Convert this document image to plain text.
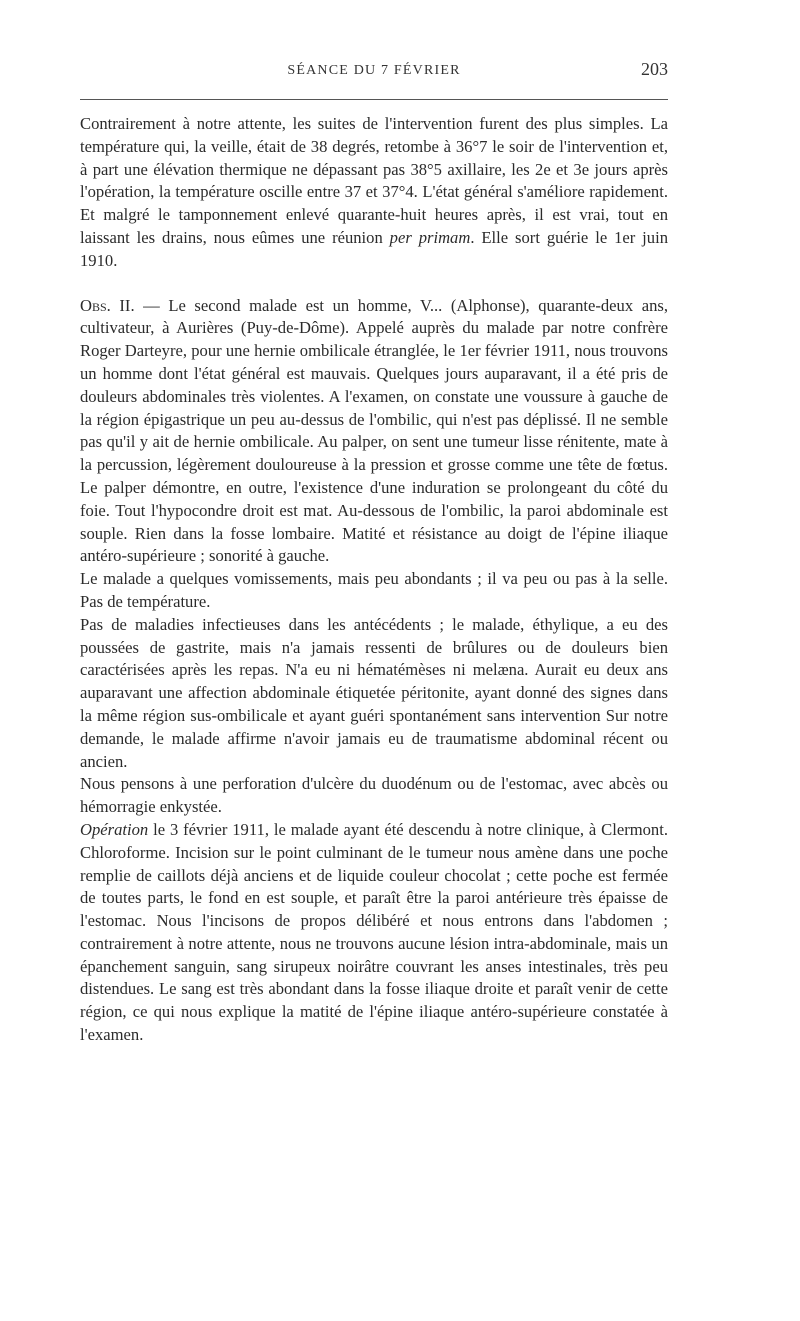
SÉANCE DU 7 FÉVRIER	203

Contrairement à notre attente, les suites de l'intervention furent des plus simples. La température qui, la veille, était de 38 degrés, retombe à 36°7 le soir de l'intervention et, à part une élévation thermique ne dépassant pas 38°5 axillaire, les 2e et 3e jours après l'opération, la température oscille entre 37 et 37°4. L'état général s'améliore rapidement. Et malgré le tamponnement enlevé quarante-huit heures après, il est vrai, tout en laissant les drains, nous eûmes une réunion per primam. Elle sort guérie le 1er juin 1910.

Obs. II. — Le second malade est un homme, V... (Alphonse), quarante-deux ans, cultivateur, à Aurières (Puy-de-Dôme). Appelé auprès du malade par notre confrère Roger Darteyre, pour une hernie ombilicale étranglée, le 1er février 1911, nous trouvons un homme dont l'état général est mauvais. Quelques jours auparavant, il a été pris de douleurs abdominales très violentes. A l'examen, on constate une voussure à gauche de la région épigastrique un peu au-dessus de l'ombilic, qui n'est pas déplissé. Il ne semble pas qu'il y ait de hernie ombilicale. Au palper, on sent une tumeur lisse rénitente, mate à la percussion, légèrement douloureuse à la pression et grosse comme une tête de fœtus. Le palper démontre, en outre, l'existence d'une induration se prolongeant du côté du foie. Tout l'hypocondre droit est mat. Au-dessous de l'ombilic, la paroi abdominale est souple. Rien dans la fosse lombaire. Matité et résistance au doigt de l'épine iliaque antéro-supérieure ; sonorité à gauche.

Le malade a quelques vomissements, mais peu abondants ; il va peu ou pas à la selle. Pas de température.

Pas de maladies infectieuses dans les antécédents ; le malade, éthylique, a eu des poussées de gastrite, mais n'a jamais ressenti de brûlures ou de douleurs bien caractérisées après les repas. N'a eu ni hématémèses ni melæna. Aurait eu deux ans auparavant une affection abdominale étiquetée péritonite, ayant donné des signes dans la même région sus-ombilicale et ayant guéri spontanément sans intervention Sur notre demande, le malade affirme n'avoir jamais eu de traumatisme abdominal récent ou ancien.

Nous pensons à une perforation d'ulcère du duodénum ou de l'estomac, avec abcès ou hémorragie enkystée.

Opération le 3 février 1911, le malade ayant été descendu à notre clinique, à Clermont. Chloroforme. Incision sur le point culminant de le tumeur nous amène dans une poche remplie de caillots déjà anciens et de liquide couleur chocolat ; cette poche est fermée de toutes parts, le fond en est souple, et paraît être la paroi antérieure très épaisse de l'estomac. Nous l'incisons de propos délibéré et nous entrons dans l'abdomen ; contrairement à notre attente, nous ne trouvons aucune lésion intra-abdominale, mais un épanchement sanguin, sang sirupeux noirâtre couvrant les anses intestinales, très peu distendues. Le sang est très abondant dans la fosse iliaque droite et paraît venir de cette région, ce qui nous explique la matité de l'épine iliaque antéro-supérieure constatée à l'examen.
